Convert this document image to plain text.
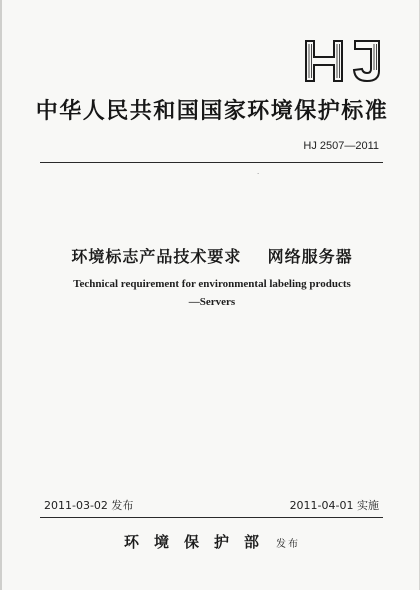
中华人民共和国国家环境保护标准
HJ 2507—2011
·
环境标志产品技术要求    网络服务器
Technical requirement for environmental labeling products
—Servers
2011-03-02 发布	2011-04-01 实施
环境保护部 发布
